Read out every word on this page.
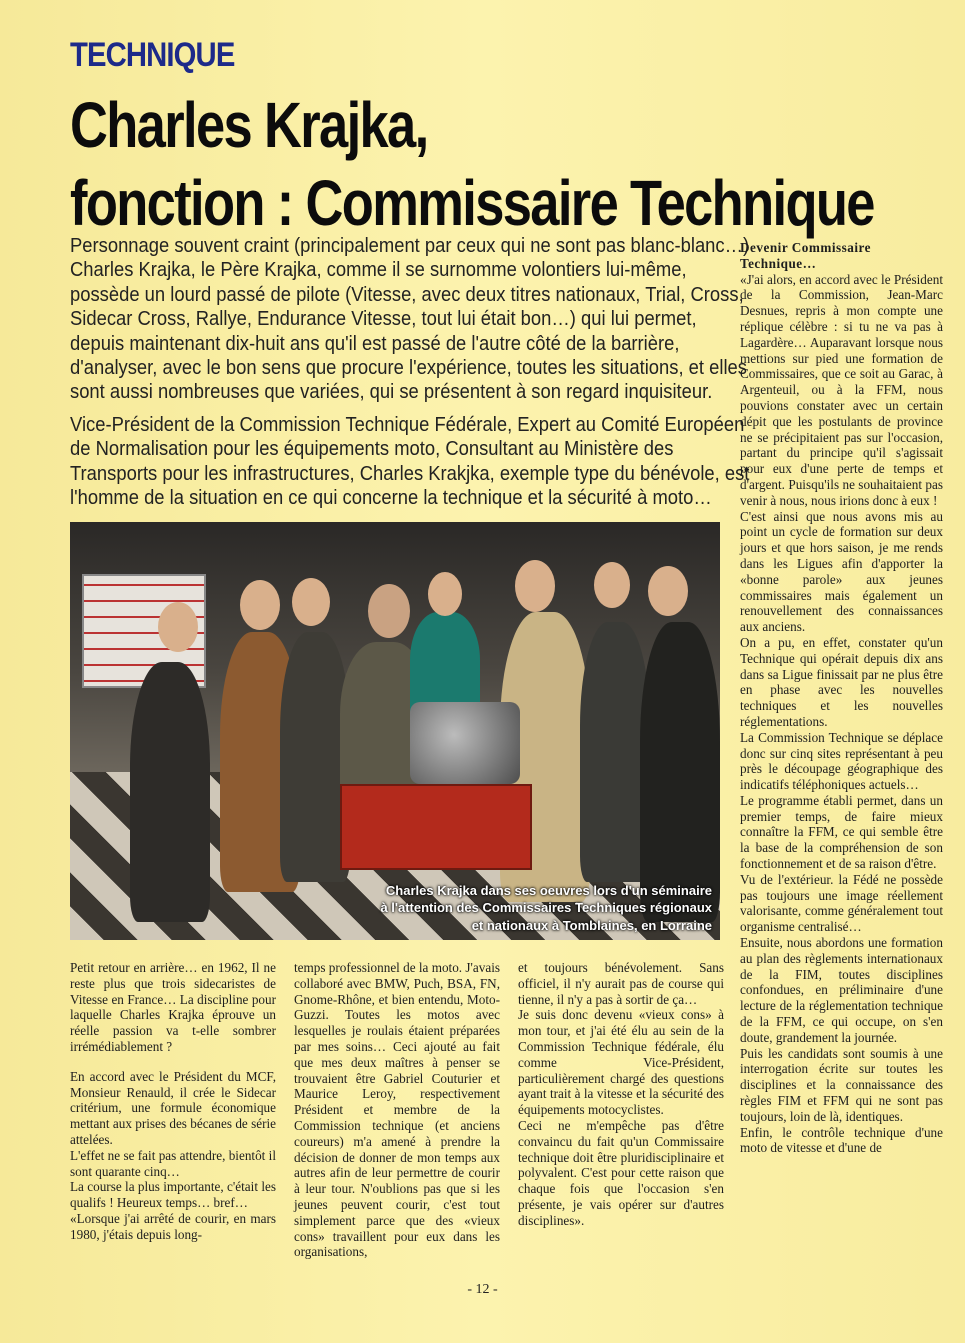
TECHNIQUE
Charles Krajka,
fonction : Commissaire Technique

Personnage souvent craint (principalement par ceux qui ne sont pas blanc-blanc…) Charles Krajka, le Père Krajka, comme il se surnomme volontiers lui-même, possède un lourd passé de pilote (Vitesse, avec deux titres nationaux, Trial, Cross, Sidecar Cross, Rallye, Endurance Vitesse, tout lui était bon…) qui lui permet, depuis maintenant dix-huit ans qu'il est passé de l'autre côté de la barrière, d'analyser, avec le bon sens que procure l'expérience, toutes les situations, et elles sont aussi nombreuses que variées, qui se présentent à son regard inquisiteur.

Vice-Président de la Commission Technique Fédérale, Expert au Comité Européen de Normalisation pour les équipements moto, Consultant au Ministère des Transports pour les infrastructures, Charles Krakjka, exemple type du bénévole, est l'homme de la situation en ce qui concerne la technique et la sécurité à moto…

Charles Krajka dans ses oeuvres lors d'un séminaire
à l'attention des Commissaires Techniques régionaux
et nationaux à Tomblaines, en Lorraine

Petit retour en arrière… en 1962, Il ne reste plus que trois sidecaristes de Vitesse en France… La discipline pour laquelle Charles Krajka éprouve un réelle passion va t-elle sombrer irrémédiablement ?

En accord avec le Président du MCF, Monsieur Renauld, il crée le Sidecar critérium, une formule économique mettant aux prises des bécanes de série attelées.

L'effet ne se fait pas attendre, bientôt il sont quarante cinq…

La course la plus importante, c'était les qualifs ! Heureux temps… bref…

«Lorsque j'ai arrêté de courir, en mars 1980, j'étais depuis long-

temps professionnel de la moto. J'avais collaboré avec BMW, Puch, BSA, FN, Gnome-Rhône, et bien entendu, Moto-Guzzi. Toutes les motos avec lesquelles je roulais étaient préparées par mes soins… Ceci ajouté au fait que mes deux maîtres à penser se trouvaient être Gabriel Couturier et Maurice Leroy, respectivement Président et membre de la Commission technique (et anciens coureurs) m'a amené à prendre la décision de donner de mon temps aux autres afin de leur permettre de courir à leur tour. N'oublions pas que si les jeunes peuvent courir, c'est tout simplement parce que des «vieux cons» travaillent pour eux dans les organisations,

et toujours bénévolement. Sans officiel, il n'y aurait pas de course qui tienne, il n'y a pas à sortir de ça…

Je suis donc devenu «vieux cons» à mon tour, et j'ai été élu au sein de la Commission Technique fédérale, élu comme Vice-Président, particulièrement chargé des questions ayant trait à la vitesse et la sécurité des équipements motocyclistes.

Ceci ne m'empêche pas d'être convaincu du fait qu'un Commissaire technique doit être pluridisciplinaire et polyvalent. C'est pour cette raison que chaque fois que l'occasion s'en présente, je vais opérer sur d'autres disciplines».

Devenir Commissaire Technique…

«J'ai alors, en accord avec le Président de la Commission, Jean-Marc Desnues, repris à mon compte une réplique célèbre : si tu ne va pas à Lagardère… Auparavant lorsque nous mettions sur pied une formation de Commissaires, que ce soit au Garac, à Argenteuil, ou à la FFM, nous pouvions constater avec un certain dépit que les postulants de province ne se précipitaient pas sur l'occasion, partant du principe qu'il s'agissait pour eux d'une perte de temps et d'argent. Puisqu'ils ne souhaitaient pas venir à nous, nous irions donc à eux !

C'est ainsi que nous avons mis au point un cycle de formation sur deux jours et que hors saison, je me rends dans les Ligues afin d'apporter la «bonne parole» aux jeunes commissaires mais également un renouvellement des connaissances aux anciens.

On a pu, en effet, constater qu'un Technique qui opérait depuis dix ans dans sa Ligue finissait par ne plus être en phase avec les nouvelles techniques et les nouvelles réglementations.

La Commission Technique se déplace donc sur cinq sites représentant à peu près le découpage géographique des indicatifs téléphoniques actuels…

Le programme établi permet, dans un premier temps, de faire mieux connaître la FFM, ce qui semble être la base de la compréhension de son fonctionnement et de sa raison d'être.

Vu de l'extérieur. la Fédé ne possède pas toujours une image réellement valorisante, comme généralement tout organisme centralisé…

Ensuite, nous abordons une formation au plan des règlements internationaux de la FIM, toutes disciplines confondues, en préliminaire d'une lecture de la réglementation technique de la FFM, ce qui occupe, on s'en doute, grandement la journée.

Puis les candidats sont soumis à une interrogation écrite sur toutes les disciplines et la connaissance des règles FIM et FFM qui ne sont pas toujours, loin de là, identiques.

Enfin, le contrôle technique d'une moto de vitesse et d'une de

- 12 -
